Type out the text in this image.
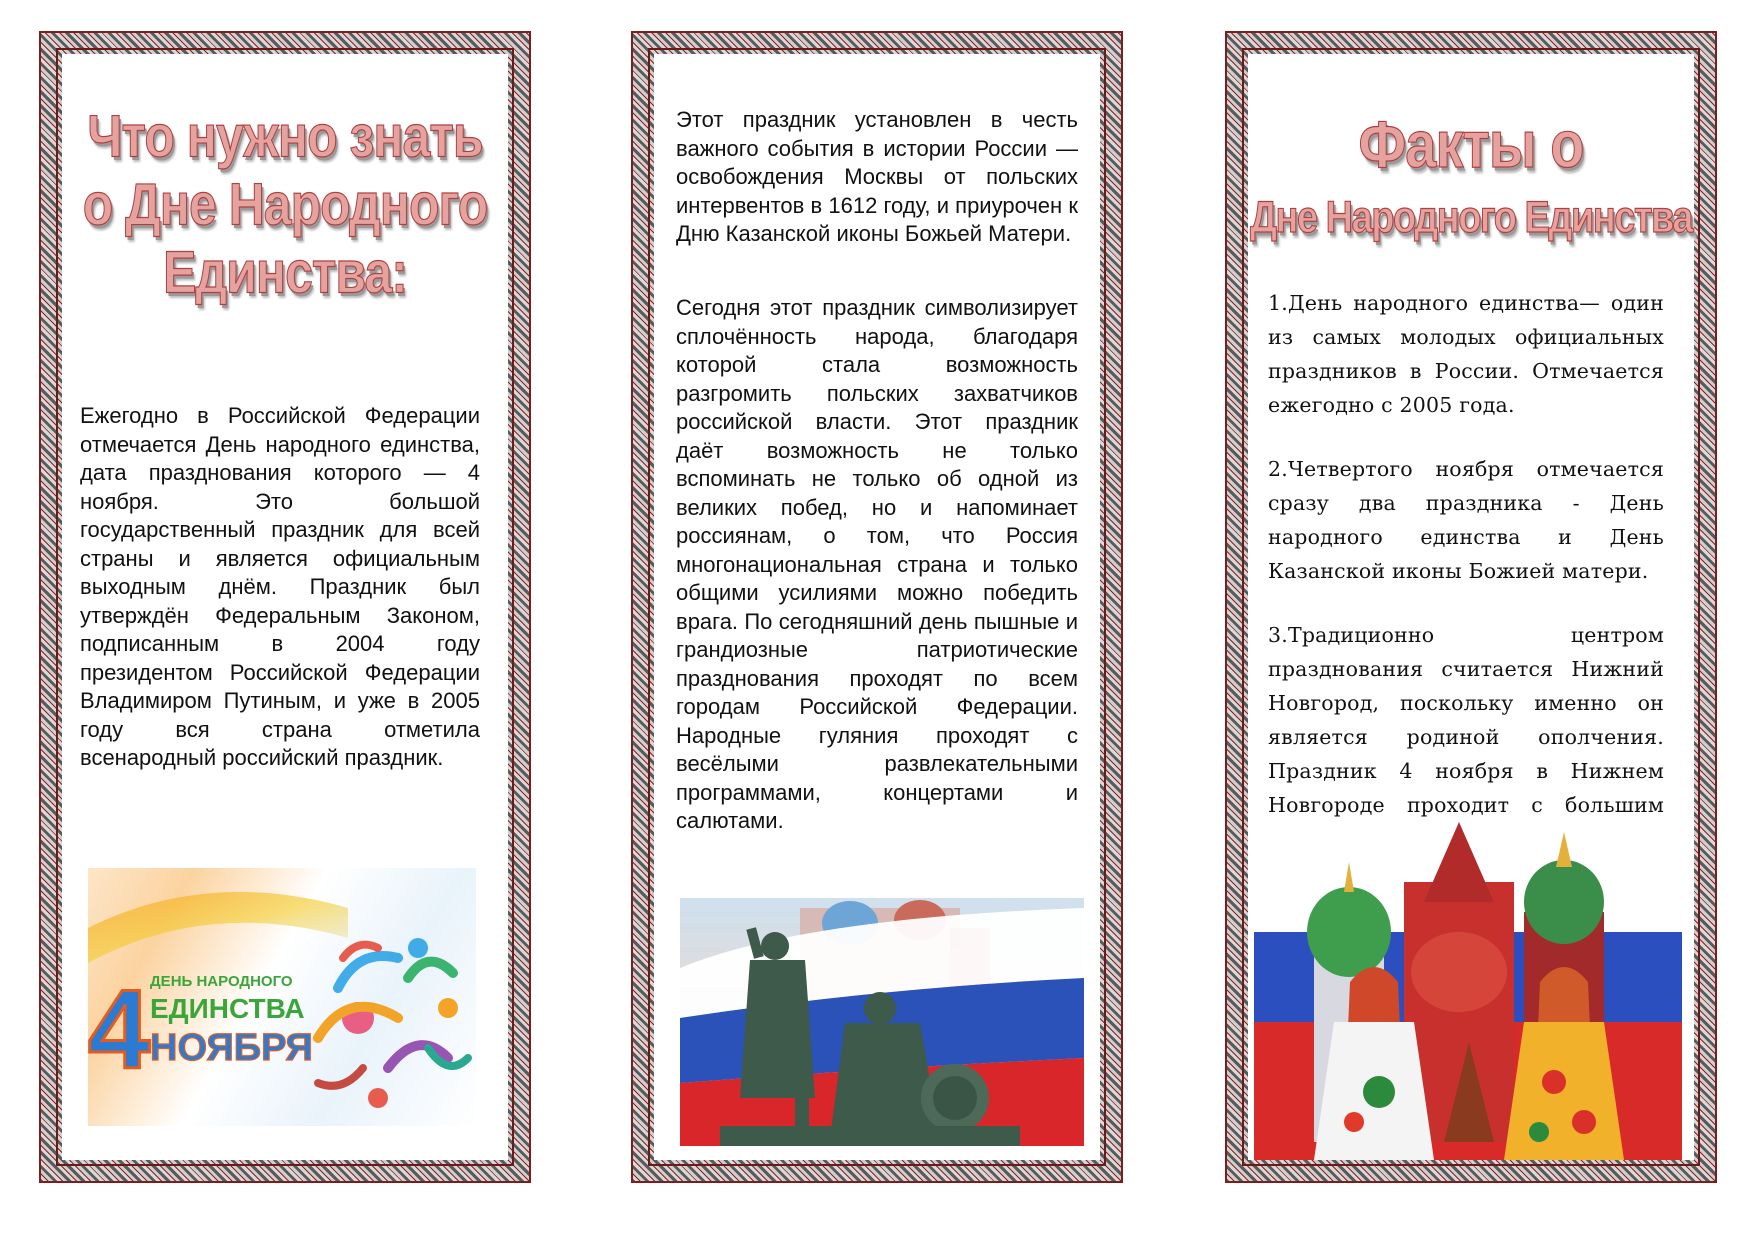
Что нужно знать
о Дне Народного
Единства:

Ежегодно в Российской Федерации отмечается День народного единства, дата празднования которого — 4 ноября. Это большой государственный праздник для всей страны и является официальным выходным днём. Праздник был утверждён Федеральным Законом, подписанным в 2004 году президентом Российской Федерации Владимиром Путиным, и уже в 2005 году вся страна отметила всенародный российский праздник.

4 ДЕНЬ НАРОДНОГО
ЕДИНСТВА
НОЯБРЯ

Этот праздник установлен в честь важного события в истории России — освобождения Москвы от польских интервентов в 1612 году, и приурочен к Дню Казанской иконы Божьей Матери.

Сегодня этот праздник символизирует сплочённость народа, благодаря которой стала возможность разгромить польских захватчиков российской власти. Этот праздник даёт возможность не только вспоминать не только об одной из великих побед, но и напоминает россиянам, о том, что Россия многонациональная страна и только общими усилиями можно победить врага. По сегодняшний день пышные и грандиозные патриотические празднования проходят по всем городам Российской Федерации. Народные гуляния проходят с весёлыми развлекательными программами, концертами и салютами.

Факты о
Дне Народного Единства

1.День народного единства— один из самых молодых официальных праздников в России. Отмечается ежегодно с 2005 года.

2.Четвертого ноября отмечается сразу два праздника - День народного единства и День Казанской иконы Божией матери.

3.Традиционно центром празднования считается Нижний Новгород, поскольку именно он является родиной ополчения. Праздник 4 ноября в Нижнем Новгороде проходит с большим
